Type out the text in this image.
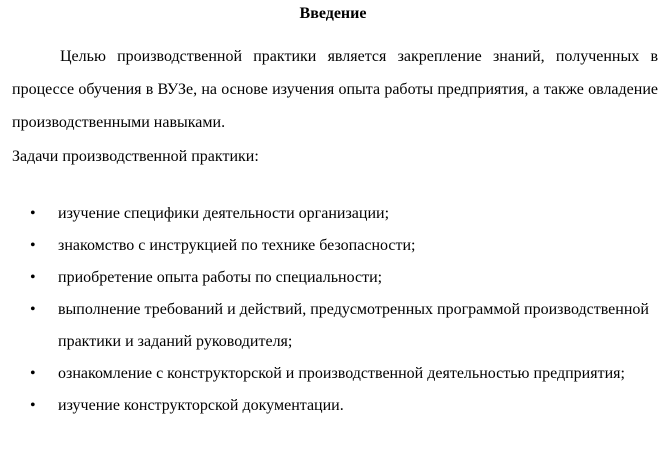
Введение
Целью производственной практики является закрепление знаний, полученных в процессе обучения в ВУЗе, на основе изучения опыта работы предприятия, а также овладение производственными навыками.
Задачи производственной практики:
• изучение специфики деятельности организации;
• знакомство с инструкцией по технике безопасности;
• приобретение опыта работы по специальности;
• выполнение требований и действий, предусмотренных программой производственной практики и заданий руководителя;
• ознакомление с конструкторской и производственной деятельностью предприятия;
• изучение конструкторской документации.
